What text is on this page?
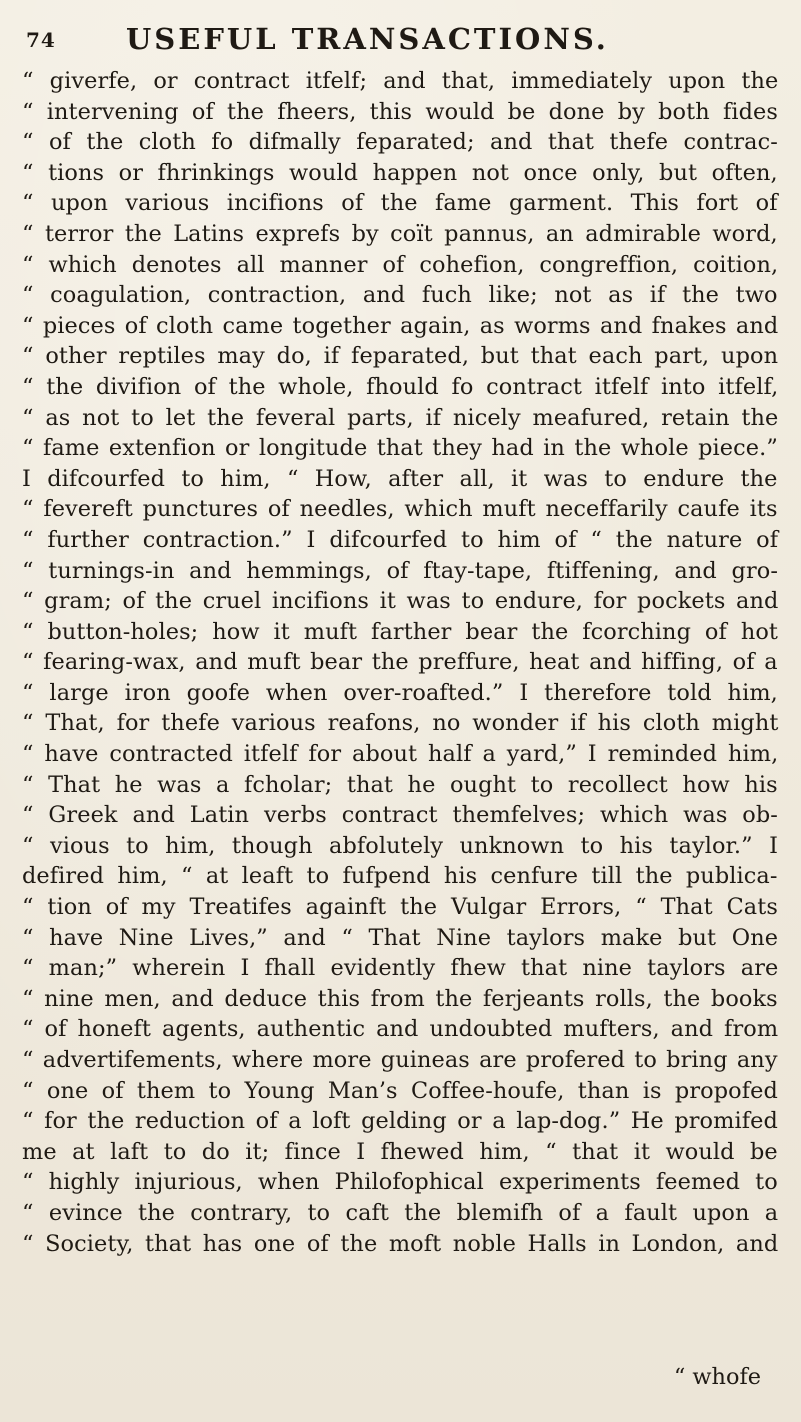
74 USEFUL TRANSACTIONS.
“ giverfe, or contract itfelf; and that, immediately upon the
“ intervening of the fheers, this would be done by both fides
“ of the cloth fo difmally feparated; and that thefe contrac-
“ tions or fhrinkings would happen not once only, but often,
“ upon various incifions of the fame garment. This fort of
“ terror the Latins exprefs by coït pannus, an admirable word,
“ which denotes all manner of cohefion, congreffion, coition,
“ coagulation, contraction, and fuch like; not as if the two
“ pieces of cloth came together again, as worms and fnakes and
“ other reptiles may do, if feparated, but that each part, upon
“ the divifion of the whole, fhould fo contract itfelf into itfelf,
“ as not to let the feveral parts, if nicely meafured, retain the
“ fame extenfion or longitude that they had in the whole piece.”
I difcourfed to him, “ How, after all, it was to endure the
“ fevereft punctures of needles, which muft neceffarily caufe its
“ further contraction.” I difcourfed to him of “ the nature of
“ turnings-in and hemmings, of ftay-tape, ftiffening, and gro-
“ gram; of the cruel incifions it was to endure, for pockets and
“ button-holes; how it muft farther bear the fcorching of hot
“ fearing-wax, and muft bear the preffure, heat and hiffing, of a
“ large iron goofe when over-roafted.” I therefore told him,
“ That, for thefe various reafons, no wonder if his cloth might
“ have contracted itfelf for about half a yard,” I reminded him,
“ That he was a fcholar; that he ought to recollect how his
“ Greek and Latin verbs contract themfelves; which was ob-
“ vious to him, though abfolutely unknown to his taylor.” I
defired him, “ at leaft to fufpend his cenfure till the publica-
“ tion of my Treatifes againft the Vulgar Errors, “ That Cats
“ have Nine Lives,” and “ That Nine taylors make but One
“ man;” wherein I fhall evidently fhew that nine taylors are
“ nine men, and deduce this from the ferjeants rolls, the books
“ of honeft agents, authentic and undoubted mufters, and from
“ advertifements, where more guineas are profered to bring any
“ one of them to Young Man’s Coffee-houfe, than is propofed
“ for the reduction of a loft gelding or a lap-dog.” He promifed
me at laft to do it; fince I fhewed him, “ that it would be
“ highly injurious, when Philofophical experiments feemed to
“ evince the contrary, to caft the blemifh of a fault upon a
“ Society, that has one of the moft noble Halls in London, and
“ whofe
